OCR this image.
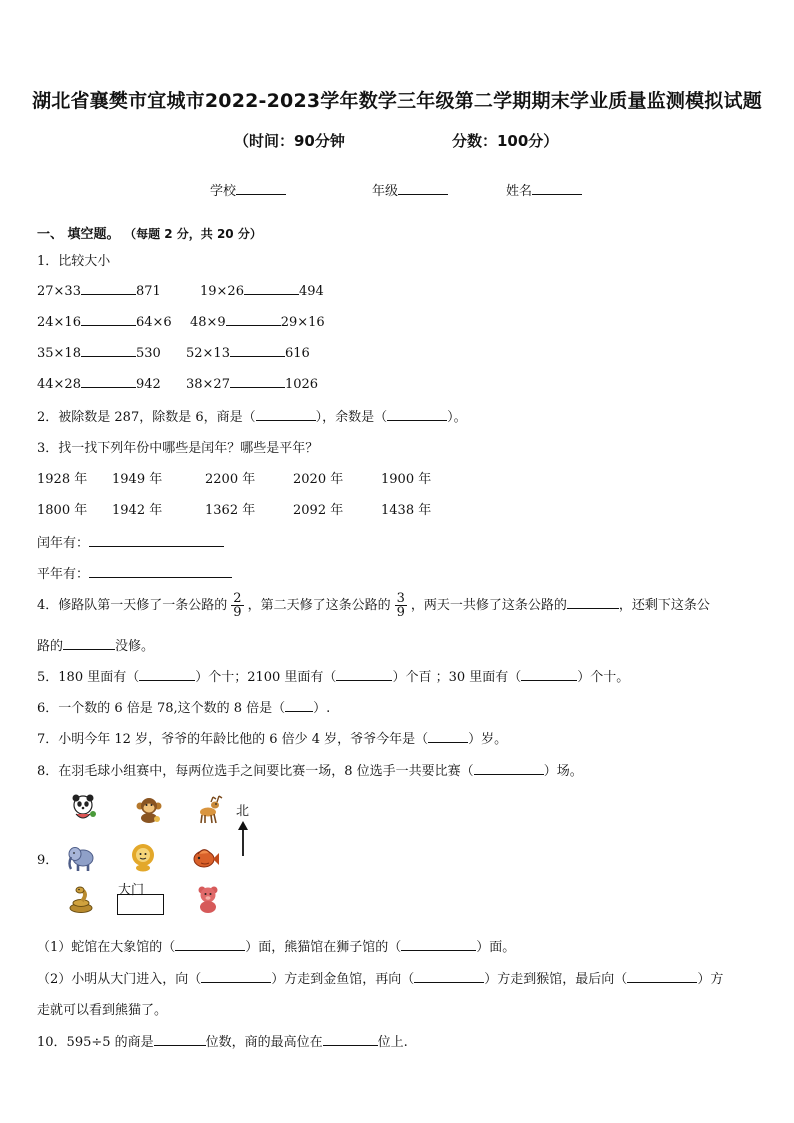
湖北省襄樊市宜城市2022-2023学年数学三年级第二学期期末学业质量监测模拟试题
（时间：90分钟	分数：100分）
学校	年级	姓名
一、 填空题。 （每题 2 分，共 20 分）
1．比较大小
27×33	871	19×26	494
24×16	64×6 48×9	29×16
35×18	530 52×13	616
44×28	942 38×27	1026
2．被除数是 287，除数是 6，商是（	），余数是（	）。
3．找一找下列年份中哪些是闰年？哪些是平年？
1928 年 1949 年	2200 年	2020 年	1900 年
1800 年 1942 年	1362 年	2092 年	1438 年
闰年有：
平年有：
4．修路队第一天修了一条公路的 $\frac{2}{9}$ ，第二天修了这条公路的 $\frac{3}{9}$ ，两天一共修了这条公路的	，还剩下这条公
路的	没修。
5．180 里面有（	）个十；2100 里面有（	）个百 ；30 里面有（	）个十。
6．一个数的 6 倍是 78,这个数的 8 倍是（ ）.
7．小明今年 12 岁，爷爷的年龄比他的 6 倍少 4 岁，爷爷今年是（	）岁。
8．在羽毛球小组赛中，每两位选手之间要比赛一场，8 位选手一共要比赛（	）场。
9．
北
大门
（1）蛇馆在大象馆的（	）面，熊猫馆在狮子馆的（	）面。
（2）小明从大门进入，向（	）方走到金鱼馆，再向（	）方走到猴馆，最后向（	）方
走就可以看到熊猫了。
10．595÷5 的商是	位数，商的最高位在	位上.
